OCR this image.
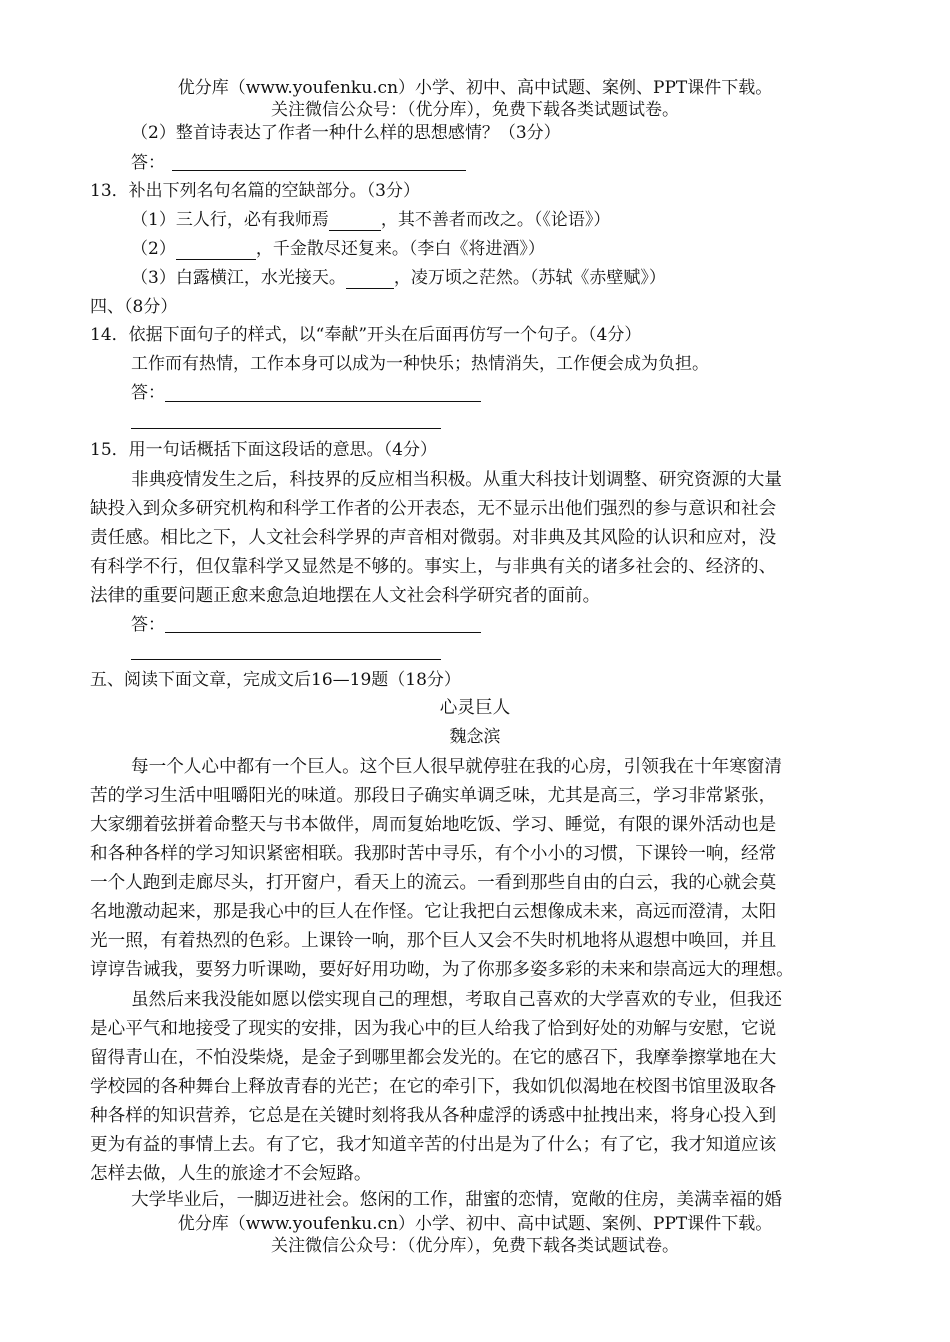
优分库（www.youfenku.cn）小学、初中、高中试题、案例、PPT课件下载。
关注微信公众号：（优分库），免费下载各类试题试卷。
（2）整首诗表达了作者一种什么样的思想感情？（3分）
答：
13．补出下列名句名篇的空缺部分。（3分）
（1）三人行，必有我师焉	，其不善者而改之。（《论语》）
（2）	，千金散尽还复来。（李白《将进酒》）
（3）白露横江，水光接天。	，凌万顷之茫然。（苏轼《赤壁赋》）
四、（8分）
14．依据下面句子的样式，以“奉献”开头在后面再仿写一个句子。（4分）
工作而有热情，工作本身可以成为一种快乐；热情消失，工作便会成为负担。
答：
15．用一句话概括下面这段话的意思。（4分）
非典疫情发生之后，科技界的反应相当积极。从重大科技计划调整、研究资源的大量
缺投入到众多研究机构和科学工作者的公开表态，无不显示出他们强烈的参与意识和社会
责任感。相比之下，人文社会科学界的声音相对微弱。对非典及其风险的认识和应对，没
有科学不行，但仅靠科学又显然是不够的。事实上，与非典有关的诸多社会的、经济的、
法律的重要问题正愈来愈急迫地摆在人文社会科学研究者的面前。
答：
五、阅读下面文章，完成文后16—19题（18分）
心灵巨人
魏念滨
每一个人心中都有一个巨人。这个巨人很早就停驻在我的心房，引领我在十年寒窗清
苦的学习生活中咀嚼阳光的味道。那段日子确实单调乏味，尤其是高三，学习非常紧张，
大家绷着弦拼着命整天与书本做伴，周而复始地吃饭、学习、睡觉，有限的课外活动也是
和各种各样的学习知识紧密相联。我那时苦中寻乐，有个小小的习惯，下课铃一响，经常
一个人跑到走廊尽头，打开窗户，看天上的流云。一看到那些自由的白云，我的心就会莫
名地激动起来，那是我心中的巨人在作怪。它让我把白云想像成未来，高远而澄清，太阳
光一照，有着热烈的色彩。上课铃一响，那个巨人又会不失时机地将从遐想中唤回，并且
谆谆告诫我，要努力听课呦，要好好用功呦，为了你那多姿多彩的未来和崇高远大的理想。
虽然后来我没能如愿以偿实现自己的理想，考取自己喜欢的大学喜欢的专业，但我还
是心平气和地接受了现实的安排，因为我心中的巨人给我了恰到好处的劝解与安慰，它说
留得青山在，不怕没柴烧，是金子到哪里都会发光的。在它的感召下，我摩拳擦掌地在大
学校园的各种舞台上释放青春的光芒；在它的牵引下，我如饥似渴地在校图书馆里汲取各
种各样的知识营养，它总是在关键时刻将我从各种虚浮的诱惑中扯拽出来，将身心投入到
更为有益的事情上去。有了它，我才知道辛苦的付出是为了什么；有了它，我才知道应该
怎样去做，人生的旅途才不会短路。
大学毕业后，一脚迈进社会。悠闲的工作，甜蜜的恋情，宽敞的住房，美满幸福的婚
优分库（www.youfenku.cn）小学、初中、高中试题、案例、PPT课件下载。
关注微信公众号：（优分库），免费下载各类试题试卷。
